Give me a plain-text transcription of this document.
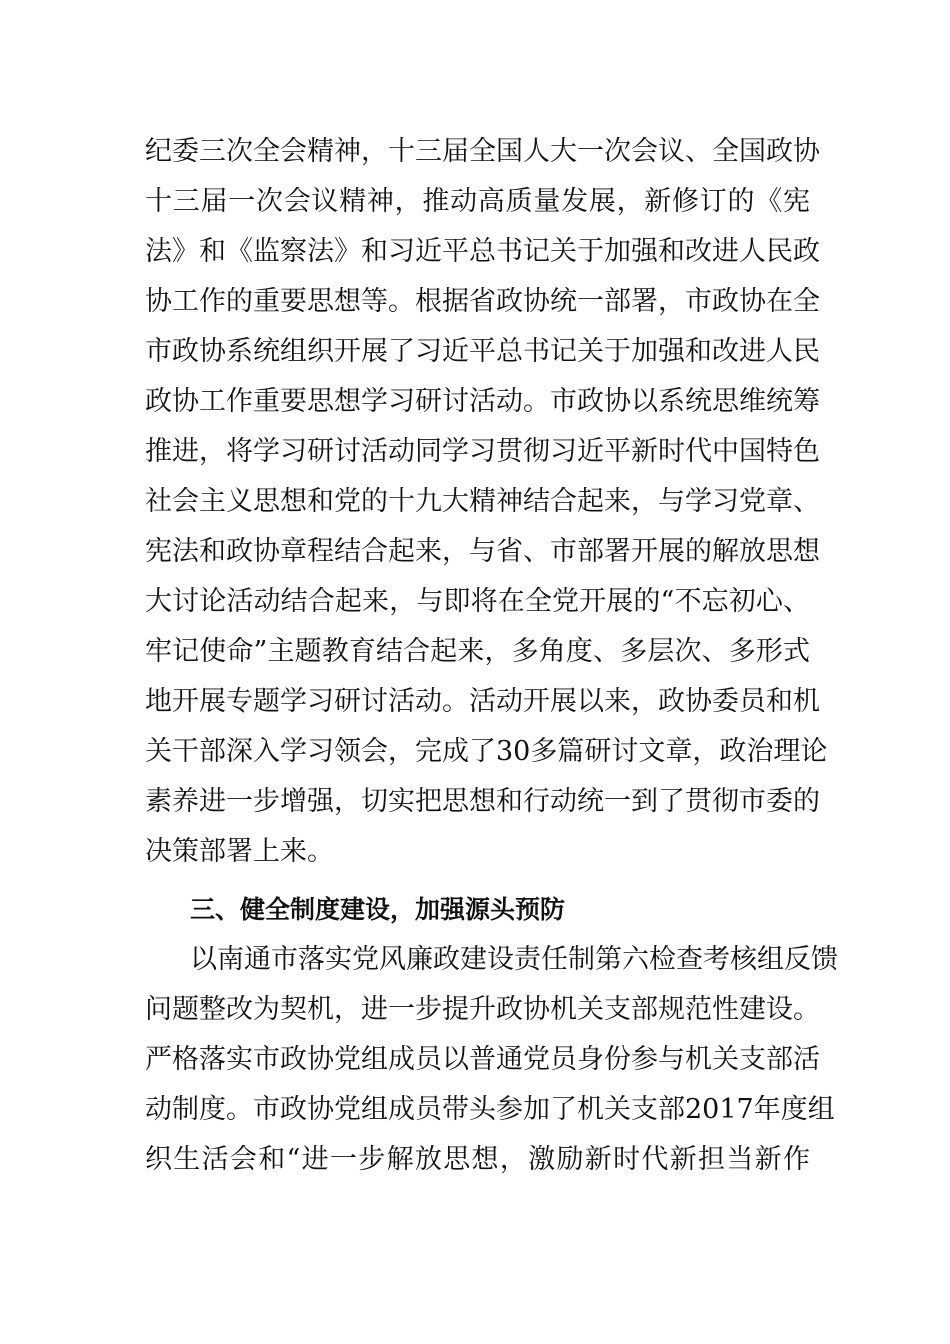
纪委三次全会精神，十三届全国人大一次会议、全国政协
十三届一次会议精神，推动高质量发展，新修订的《宪
法》和《监察法》和习近平总书记关于加强和改进人民政
协工作的重要思想等。根据省政协统一部署，市政协在全
市政协系统组织开展了习近平总书记关于加强和改进人民
政协工作重要思想学习研讨活动。市政协以系统思维统筹
推进，将学习研讨活动同学习贯彻习近平新时代中国特色
社会主义思想和党的十九大精神结合起来，与学习党章、
宪法和政协章程结合起来，与省、市部署开展的解放思想
大讨论活动结合起来，与即将在全党开展的“不忘初心、
牢记使命”主题教育结合起来，多角度、多层次、多形式
地开展专题学习研讨活动。活动开展以来，政协委员和机
关干部深入学习领会，完成了30多篇研讨文章，政治理论
素养进一步增强，切实把思想和行动统一到了贯彻市委的
决策部署上来。
三、健全制度建设，加强源头预防
以南通市落实党风廉政建设责任制第六检查考核组反馈
问题整改为契机，进一步提升政协机关支部规范性建设。
严格落实市政协党组成员以普通党员身份参与机关支部活
动制度。市政协党组成员带头参加了机关支部2017年度组
织生活会和“进一步解放思想，激励新时代新担当新作
